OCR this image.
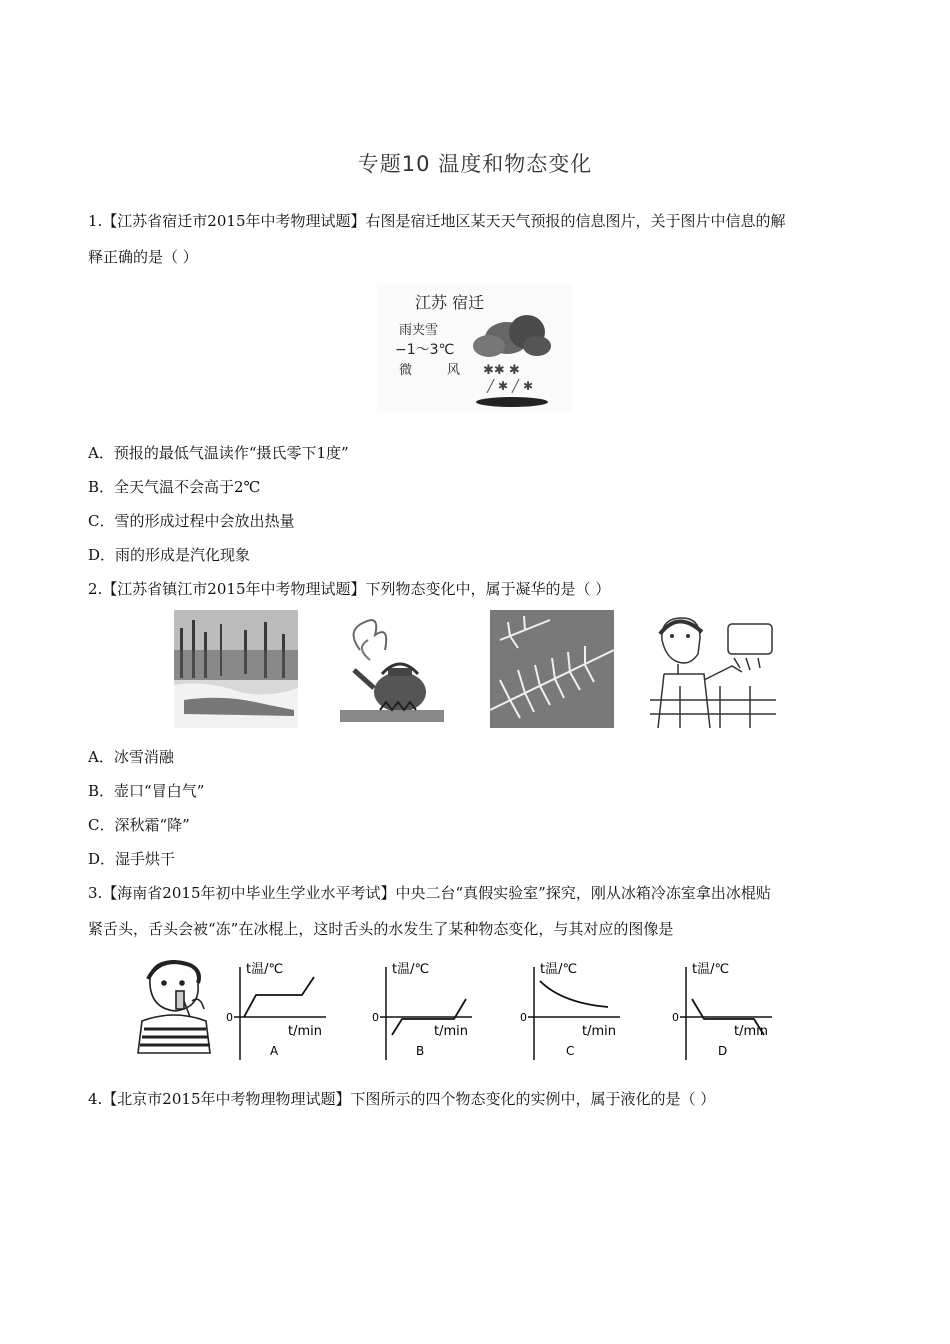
专题10 温度和物态变化
1.【江苏省宿迁市2015年中考物理试题】右图是宿迁地区某天天气预报的信息图片，关于图片中信息的解
释正确的是（ ）
江苏 宿迁
雨夹雪
−1～3℃
微	风 ✱✱ ✱
╱ ✱ ╱ ✱
A．预报的最低气温读作“摄氏零下1度”
B．全天气温不会高于2℃
C．雪的形成过程中会放出热量
D．雨的形成是汽化现象
2.【江苏省镇江市2015年中考物理试题】下列物态变化中，属于凝华的是（ ）
A．冰雪消融
B．壶口“冒白气”
C．深秋霜“降”
D．湿手烘干
3.【海南省2015年初中毕业生学业水平考试】中央二台“真假实验室”探究，刚从冰箱冷冻室拿出冰棍贴
紧舌头，舌头会被“冻”在冰棍上，这时舌头的水发生了某种物态变化，与其对应的图像是
t温/℃
0
t/min
A
t温/℃
0
t/min
B
t温/℃
0
t/min
C
t温/℃
0
t/min
D
4.【北京市2015年中考物理物理试题】下图所示的四个物态变化的实例中，属于液化的是（ ）
